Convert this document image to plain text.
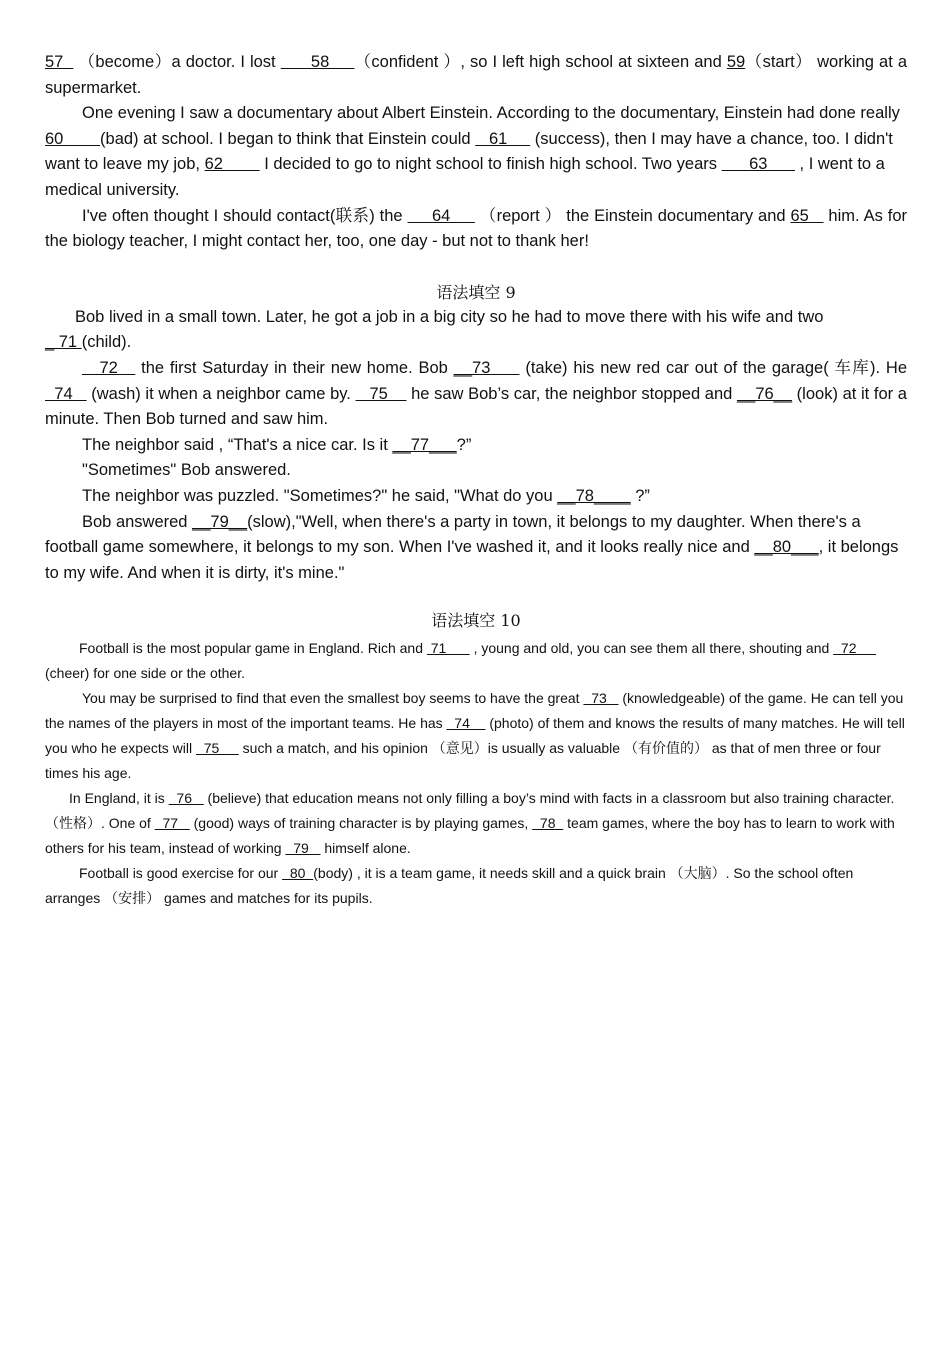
57   （become）a doctor. I lost       58     （confident ）, so I left high school at sixteen and 59（start） working at a supermarket.

One evening I saw a documentary about Albert Einstein. According to the documentary, Einstein had done really 60        (bad) at school. I began to think that Einstein could    61      (success), then I may have a chance, too. I didn't want to leave my job, 62         I decided to go to night school to finish high school. Two years       63       , I went to a medical university.

I've often thought I should contact(联系) the      64      （report ） the Einstein documentary and 65    him. As for the biology teacher, I might contact her, too, one day - but not to thank her!

语法填空 9

Bob lived in a small town. Later, he got a job in a big city so he had to move there with his wife and two _ 71 (child).

72    the first Saturday in their new home. Bob __73      (take) his new red car out of the garage( 车库). He   74    (wash) it when a neighbor came by.    75     he saw Bob’s car, the neighbor stopped and __76__ (look) at it for a minute. Then Bob turned and saw him.

The neighbor said , “That's a nice car. Is it __77___?”

"Sometimes" Bob answered.

The neighbor was puzzled. "Sometimes?" he said, "What do you __78____ ?”

Bob answered __79__(slow),"Well, when there's a party in town, it belongs to my daughter. When there's a football game somewhere, it belongs to my son. When I've washed it, and it looks really nice and __80___, it belongs to my wife. And when it is dirty, it's mine."

语法填空 10

Football is the most popular game in England. Rich and  71       , young and old, you can see them all there, shouting and   72      (cheer) for one side or the other.

You may be surprised to find that even the smallest boy seems to have the great   73    (knowledgeable) of the game. He can tell you the names of the players in most of the important teams. He has   74     (photo) of them and knows the results of many matches. He will tell you who he expects will   75      such a match, and his opinion （意见）is usually as valuable （有价值的） as that of men three or four times his age.

In England, it is   76    (believe) that education means not only filling a boy’s mind with facts in a classroom but also training character. （性格）. One of   77    (good) ways of training character is by playing games,   78   team games, where the boy has to learn to work with others for his team, instead of working   79    himself alone.

Football is good exercise for our   80  (body) , it is a team game, it needs skill and a quick brain （大脑）. So the school often arranges （安排） games and matches for its pupils.
